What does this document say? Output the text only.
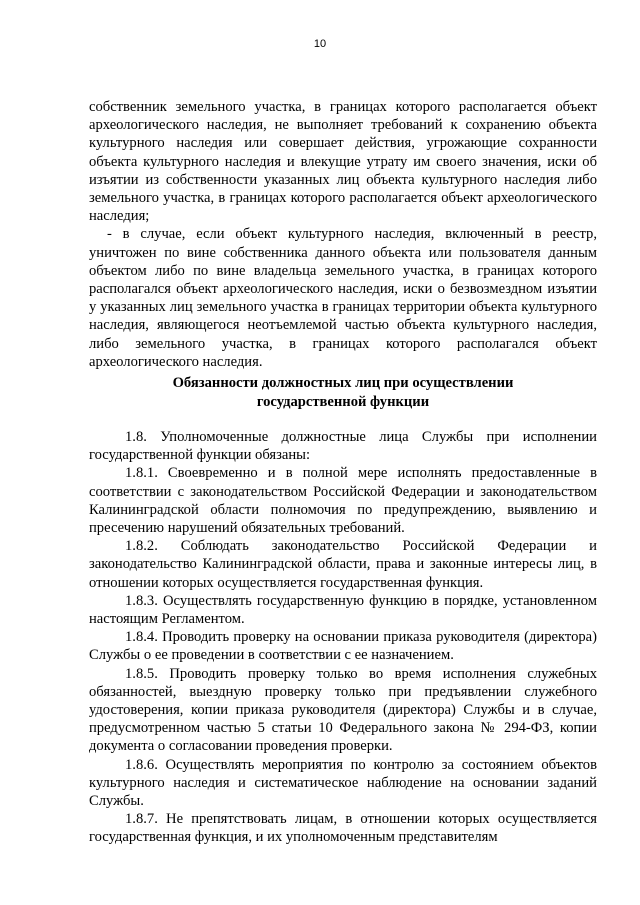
10

собственник земельного участка, в границах которого располагается объект археологического наследия, не выполняет требований к сохранению объекта культурного наследия или совершает действия, угрожающие сохранности объекта культурного наследия и влекущие утрату им своего значения, иски об изъятии из собственности указанных лиц объекта культурного наследия либо земельного участка, в границах которого располагается объект археологического наследия;

- в случае, если объект культурного наследия, включенный в реестр, уничтожен по вине собственника данного объекта или пользователя данным объектом либо по вине владельца земельного участка, в границах которого располагался объект археологического наследия, иски о безвозмездном изъятии у указанных лиц земельного участка в границах территории объекта культурного наследия, являющегося неотъемлемой частью объекта культурного наследия, либо земельного участка, в границах которого располагался объект археологического наследия.

Обязанности должностных лиц при осуществлении
государственной функции

1.8. Уполномоченные должностные лица Службы при исполнении государственной функции обязаны:

1.8.1. Своевременно и в полной мере исполнять предоставленные в соответствии с законодательством Российской Федерации и законодательством Калининградской области полномочия по предупреждению, выявлению и пресечению нарушений обязательных требований.

1.8.2. Соблюдать законодательство Российской Федерации и законодательство Калининградской области, права и законные интересы лиц, в отношении которых осуществляется государственная функция.

1.8.3. Осуществлять государственную функцию в порядке, установленном настоящим Регламентом.

1.8.4. Проводить проверку на основании приказа руководителя (директора) Службы о ее проведении в соответствии с ее назначением.

1.8.5. Проводить проверку только во время исполнения служебных обязанностей, выездную проверку только при предъявлении служебного удостоверения, копии приказа руководителя (директора) Службы и в случае, предусмотренном частью 5 статьи 10 Федерального закона № 294-ФЗ, копии документа о согласовании проведения проверки.

1.8.6. Осуществлять мероприятия по контролю за состоянием объектов культурного наследия и систематическое наблюдение на основании заданий Службы.

1.8.7. Не препятствовать лицам, в отношении которых осуществляется государственная функция, и их уполномоченным представителям
